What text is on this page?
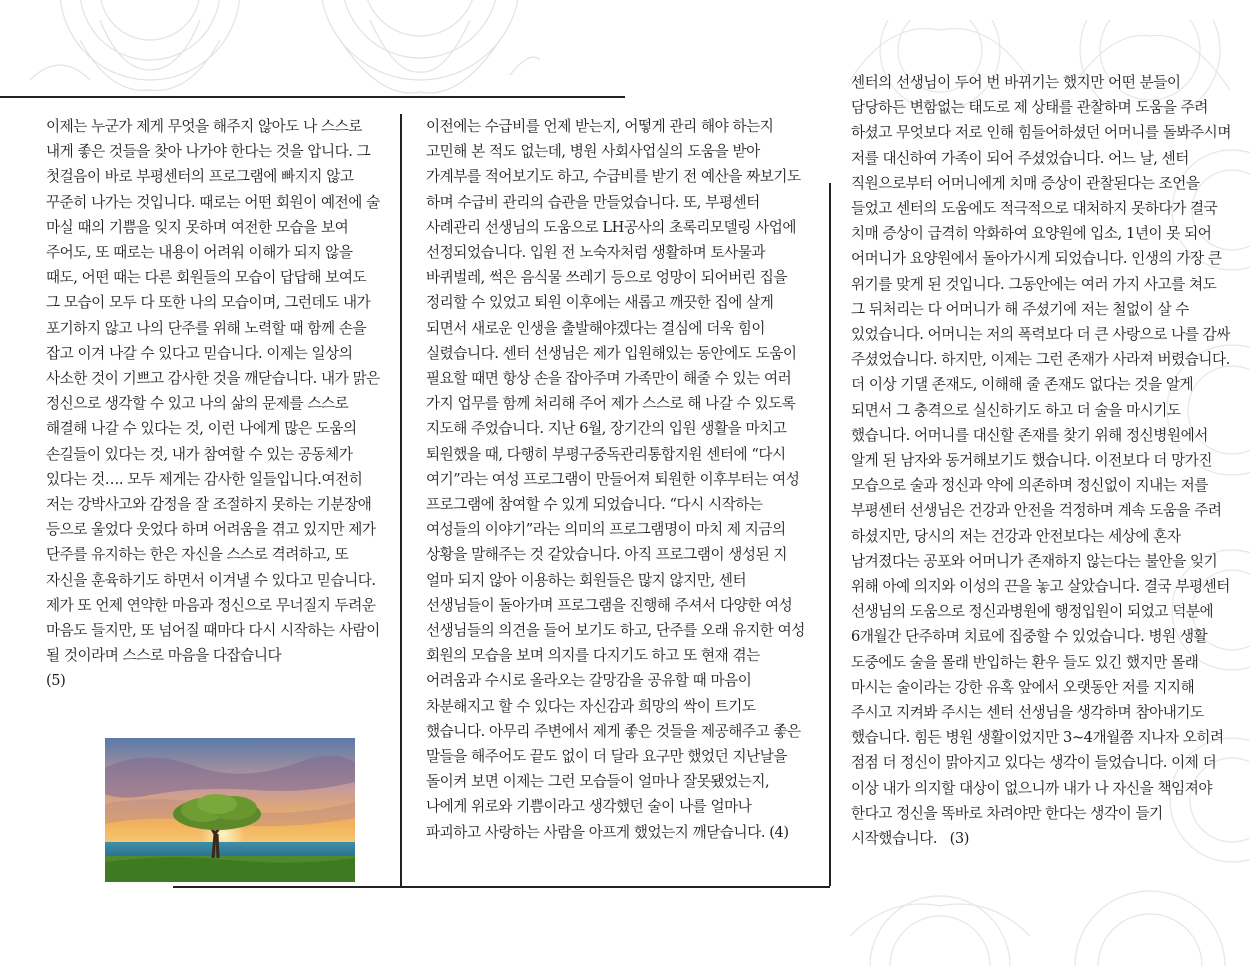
이제는 누군가 제게 무엇을 해주지 않아도 나 스스로 내게 좋은 것들을 찾아 나가야 한다는 것을 압니다. 그 첫걸음이 바로 부평센터의 프로그램에 빠지지 않고 꾸준히 나가는 것입니다. 때로는 어떤 회원이 예전에 술 마실 때의 기쁨을 잊지 못하며 여전한 모습을 보여 주어도, 또 때로는 내용이 어려워 이해가 되지 않을 때도, 어떤 때는 다른 회원들의 모습이 답답해 보여도 그 모습이 모두 다 또한 나의 모습이며, 그런데도 내가 포기하지 않고 나의 단주를 위해 노력할 때 함께 손을 잡고 이겨 나갈 수 있다고 믿습니다. 이제는 일상의 사소한 것이 기쁘고 감사한 것을 깨닫습니다. 내가 맑은 정신으로 생각할 수 있고 나의 삶의 문제를 스스로 해결해 나갈 수 있다는 것, 이런 나에게 많은 도움의 손길들이 있다는 것, 내가 참여할 수 있는 공동체가 있다는 것…. 모두 제게는 감사한 일들입니다.여전히 저는 강박사고와 감정을 잘 조절하지 못하는 기분장애 등으로 울었다 웃었다 하며 어려움을 겪고 있지만 제가 단주를 유지하는 한은 자신을 스스로 격려하고, 또 자신을 훈육하기도 하면서 이겨낼 수 있다고 믿습니다. 제가 또 언제 연약한 마음과 정신으로 무너질지 두려운 마음도 들지만, 또 넘어질 때마다 다시 시작하는 사람이 될 것이라며 스스로 마음을 다잡습니다

(5)

이전에는 수급비를 언제 받는지, 어떻게 관리 해야 하는지 고민해 본 적도 없는데, 병원 사회사업실의 도움을 받아 가계부를 적어보기도 하고, 수급비를 받기 전 예산을 짜보기도 하며 수급비 관리의 습관을 만들었습니다. 또, 부평센터 사례관리 선생님의 도움으로 LH공사의 초록리모델링 사업에 선정되었습니다. 입원 전 노숙자처럼 생활하며 토사물과 바퀴벌레, 썩은 음식물 쓰레기 등으로 엉망이 되어버린 집을 정리할 수 있었고 퇴원 이후에는 새롭고 깨끗한 집에 살게 되면서 새로운 인생을 출발해야겠다는 결심에 더욱 힘이 실렸습니다. 센터 선생님은 제가 입원해있는 동안에도 도움이 필요할 때면 항상 손을 잡아주며 가족만이 해줄 수 있는 여러 가지 업무를 함께 처리해 주어 제가 스스로 해 나갈 수 있도록 지도해 주었습니다. 지난 6월, 장기간의 입원 생활을 마치고 퇴원했을 때, 다행히 부평구중독관리통합지원 센터에 “다시 여기”라는 여성 프로그램이 만들어져 퇴원한 이후부터는 여성 프로그램에 참여할 수 있게 되었습니다. “다시 시작하는 여성들의 이야기”라는 의미의 프로그램명이 마치 제 지금의 상황을 말해주는 것 같았습니다. 아직 프로그램이 생성된 지 얼마 되지 않아 이용하는 회원들은 많지 않지만, 센터 선생님들이 돌아가며 프로그램을 진행해 주셔서 다양한 여성 선생님들의 의견을 들어 보기도 하고, 단주를 오래 유지한 여성 회원의 모습을 보며 의지를 다지기도 하고 또 현재 겪는 어려움과 수시로 올라오는 갈망감을 공유할 때 마음이 차분해지고 할 수 있다는 자신감과 희망의 싹이 트기도 했습니다. 아무리 주변에서 제게 좋은 것들을 제공해주고 좋은 말들을 해주어도 끝도 없이 더 달라 요구만 했었던 지난날을 돌이켜 보면 이제는 그런 모습들이 얼마나 잘못됐었는지, 나에게 위로와 기쁨이라고 생각했던 술이 나를 얼마나 파괴하고 사랑하는 사람을 아프게 했었는지 깨닫습니다. (4)

센터의 선생님이 두어 번 바뀌기는 했지만 어떤 분들이 담당하든 변함없는 태도로 제 상태를 관찰하며 도움을 주려 하셨고 무엇보다 저로 인해 힘들어하셨던 어머니를 돌봐주시며 저를 대신하여 가족이 되어 주셨었습니다. 어느 날, 센터 직원으로부터 어머니에게 치매 증상이 관찰된다는 조언을 들었고 센터의 도움에도 적극적으로 대처하지 못하다가 결국 치매 증상이 급격히 악화하여 요양원에 입소, 1년이 못 되어 어머니가 요양원에서 돌아가시게 되었습니다. 인생의 가장 큰 위기를 맞게 된 것입니다. 그동안에는 여러 가지 사고를 쳐도 그 뒤처리는 다 어머니가 해 주셨기에 저는 철없이 살 수 있었습니다. 어머니는 저의 폭력보다 더 큰 사랑으로 나를 감싸 주셨었습니다. 하지만, 이제는 그런 존재가 사라져 버렸습니다. 더 이상 기댈 존재도, 이해해 줄 존재도 없다는 것을 알게 되면서 그 충격으로 실신하기도 하고 더 술을 마시기도 했습니다. 어머니를 대신할 존재를 찾기 위해 정신병원에서 알게 된 남자와 동거해보기도 했습니다. 이전보다 더 망가진 모습으로 술과 정신과 약에 의존하며 정신없이 지내는 저를 부평센터 선생님은 건강과 안전을 걱정하며 계속 도움을 주려 하셨지만, 당시의 저는 건강과 안전보다는 세상에 혼자 남겨졌다는 공포와 어머니가 존재하지 않는다는 불안을 잊기 위해 아예 의지와 이성의 끈을 놓고 살았습니다. 결국 부평센터 선생님의 도움으로 정신과병원에 행정입원이 되었고 덕분에 6개월간 단주하며 치료에 집중할 수 있었습니다. 병원 생활 도중에도 술을 몰래 반입하는 환우 들도 있긴 했지만 몰래 마시는 술이라는 강한 유혹 앞에서 오랫동안 저를 지지해 주시고 지켜봐 주시는 센터 선생님을 생각하며 참아내기도 했습니다. 힘든 병원 생활이었지만 3~4개월쯤 지나자 오히려 점점 더 정신이 맑아지고 있다는 생각이 들었습니다. 이제 더 이상 내가 의지할 대상이 없으니까 내가 나 자신을 책임져야 한다고 정신을 똑바로 차려야만 한다는 생각이 들기 시작했습니다. (3)
